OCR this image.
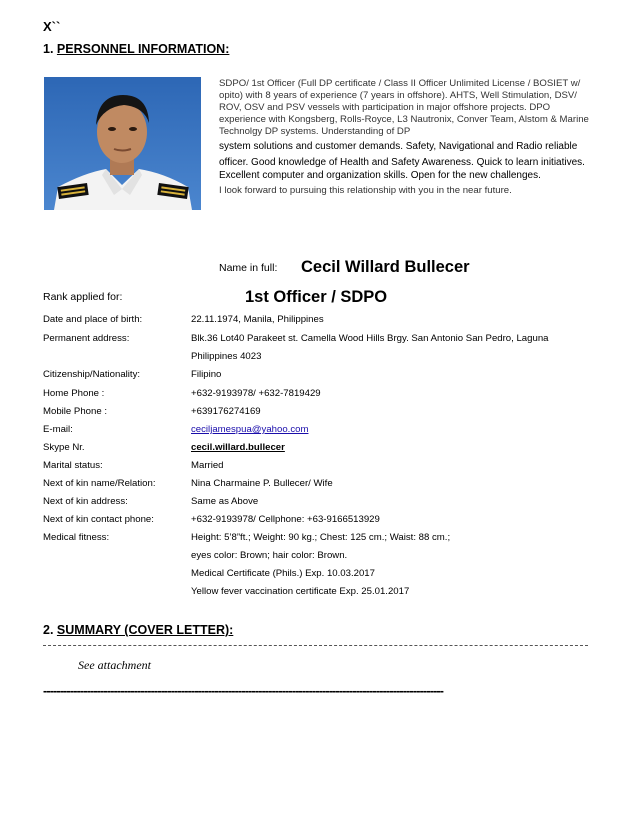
X``
1. PERSONNEL INFORMATION:

SDPO/ 1st Officer (Full DP certificate / Class II Officer Unlimited License / BOSIET w/ opito) with 8 years of experience (7 years in offshore). AHTS, Well Stimulation, DSV/ ROV, OSV and PSV vessels with participation in major offshore projects. DPO experience with Kongsberg, Rolls-Royce, L3 Nautronix, Conver Team, Alstom & Marine Technolgy DP systems. Understanding of DP

system solutions and customer demands. Safety, Navigational and Radio reliable

officer. Good knowledge of Health and Safety Awareness. Quick to learn initiatives. Excellent computer and organization skills. Open for the new challenges.

I look forward to pursuing this relationship with you in the near future.

Name in full: Cecil Willard Bullecer
Rank applied for:	1st Officer / SDPO
Date and place of birth:	22.11.1974, Manila, Philippines
Permanent address:	Blk.36 Lot40 Parakeet st. Camella Wood Hills Brgy. San Antonio San Pedro, Laguna
Philippines 4023
Citizenship/Nationality:	Filipino
Home Phone :	+632-9193978/ +632-7819429
Mobile Phone :	+639176274169
E-mail:	ceciljamespua@yahoo.com
Skype Nr.	cecil.willard.bullecer
Marital status:	Married
Next of kin name/Relation:	Nina Charmaine P. Bullecer/ Wife
Next of kin address:	Same as Above
Next of kin contact phone:	+632-9193978/ Cellphone: +63-9166513929
Medical fitness:	Height: 5’8”ft.; Weight: 90 kg.; Chest: 125 cm.; Waist: 88 cm.;
eyes color: Brown; hair color: Brown.
Medical Certificate (Phils.) Exp. 10.03.2017
Yellow fever vaccination certificate Exp. 25.01.2017
2. SUMMARY (COVER LETTER):
See attachment
-----------------------------------------------------------------------------------------------------------------------
